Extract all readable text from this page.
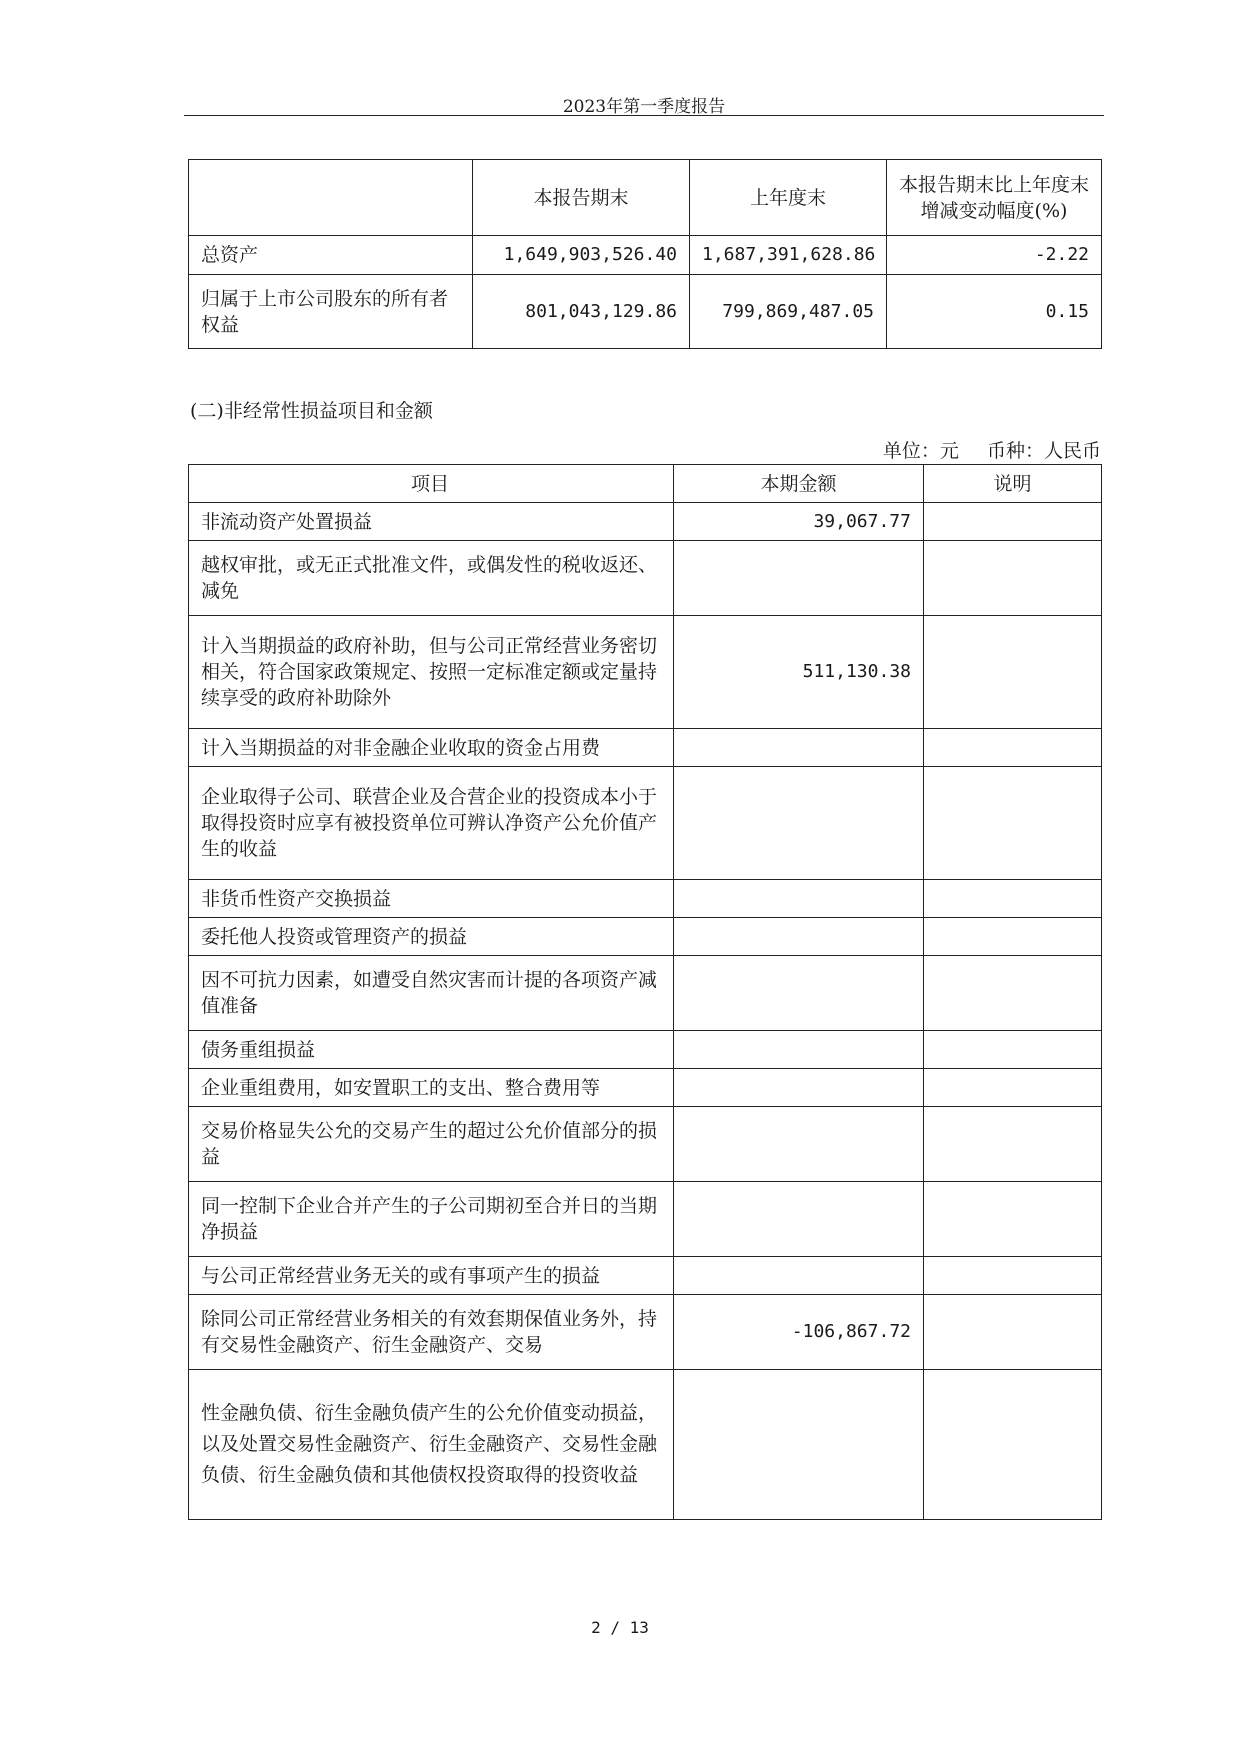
2023年第一季度报告
	本报告期末	上年度末	本报告期末比上年度末增减变动幅度(%)
总资产	1,649,903,526.40	1,687,391,628.86	-2.22
归属于上市公司股东的所有者权益	801,043,129.86	799,869,487.05	0.15
(二)非经常性损益项目和金额
单位：元 币种：人民币
项目	本期金额	说明
非流动资产处置损益	39,067.77	
越权审批，或无正式批准文件，或偶发性的税收返还、减免		
计入当期损益的政府补助，但与公司正常经营业务密切相关，符合国家政策规定、按照一定标准定额或定量持续享受的政府补助除外	511,130.38	
计入当期损益的对非金融企业收取的资金占用费		
企业取得子公司、联营企业及合营企业的投资成本小于取得投资时应享有被投资单位可辨认净资产公允价值产生的收益		
非货币性资产交换损益		
委托他人投资或管理资产的损益		
因不可抗力因素，如遭受自然灾害而计提的各项资产减值准备		
债务重组损益		
企业重组费用，如安置职工的支出、整合费用等		
交易价格显失公允的交易产生的超过公允价值部分的损益		
同一控制下企业合并产生的子公司期初至合并日的当期净损益		
与公司正常经营业务无关的或有事项产生的损益		
除同公司正常经营业务相关的有效套期保值业务外，持有交易性金融资产、衍生金融资产、交易	-106,867.72	
性金融负债、衍生金融负债产生的公允价值变动损益，以及处置交易性金融资产、衍生金融资产、交易性金融负债、衍生金融负债和其他债权投资取得的投资收益		
2 / 13
